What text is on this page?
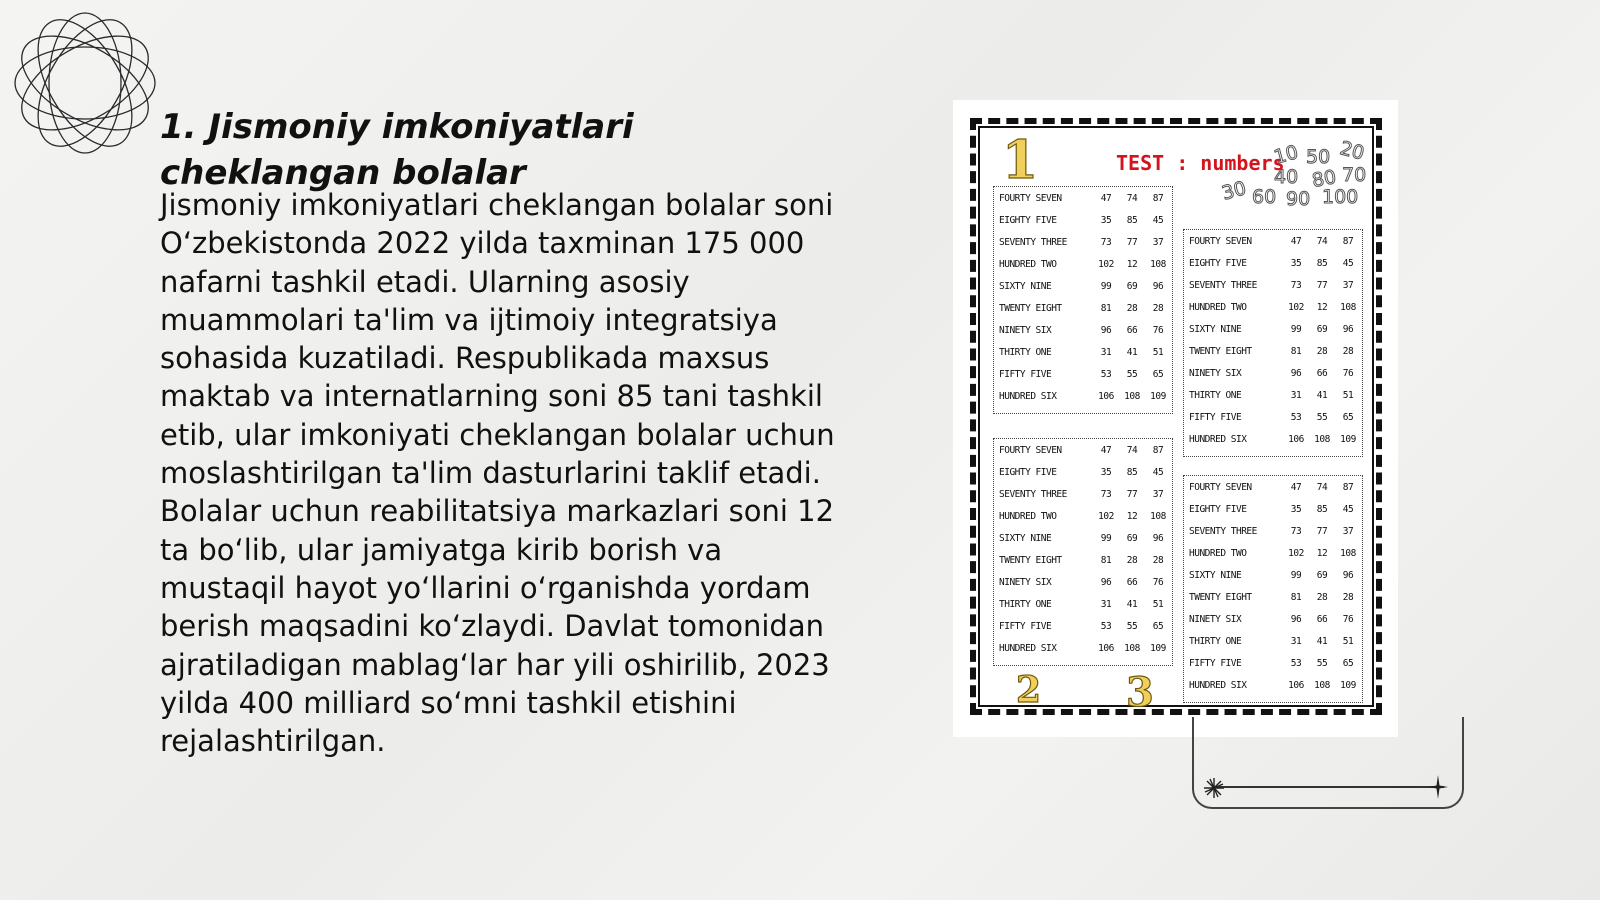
1. Jismoniy imkoniyatlari cheklangan bolalar

Jismoniy imkoniyatlari cheklangan bolalar soni O‘zbekistonda 2022 yilda taxminan 175 000 nafarni tashkil etadi. Ularning asosiy muammolari ta'lim va ijtimoiy integratsiya sohasida kuzatiladi. Respublikada maxsus maktab va internatlarning soni 85 tani tashkil etib, ular imkoniyati cheklangan bolalar uchun moslashtirilgan ta'lim dasturlarini taklif etadi. Bolalar uchun reabilitatsiya markazlari soni 12 ta bo‘lib, ular jamiyatga kirib borish va mustaqil hayot yo‘llarini o‘rganishda yordam berish maqsadini ko‘zlaydi. Davlat tomonidan ajratiladigan mablag‘lar har yili oshirilib, 2023 yilda 400 milliard so‘mni tashkil etishini rejalashtirilgan.

1
2 3
TEST : numbers
10 50 20
40 80 70
30 60 90 100
FOURTY SEVEN	47	74	87
EIGHTY FIVE	35	85	45
SEVENTY THREE	73	77	37
HUNDRED TWO	102	12	108
SIXTY NINE	99	69	96
TWENTY EIGHT	81	28	28
NINETY SIX	96	66	76
THIRTY ONE	31	41	51
FIFTY FIVE	53	55	65
HUNDRED SIX	106	108	109
FOURTY SEVEN	47	74	87
EIGHTY FIVE	35	85	45
SEVENTY THREE	73	77	37
HUNDRED TWO	102	12	108
SIXTY NINE	99	69	96
TWENTY EIGHT	81	28	28
NINETY SIX	96	66	76
THIRTY ONE	31	41	51
FIFTY FIVE	53	55	65
HUNDRED SIX	106	108	109
FOURTY SEVEN	47	74	87
EIGHTY FIVE	35	85	45
SEVENTY THREE	73	77	37
HUNDRED TWO	102	12	108
SIXTY NINE	99	69	96
TWENTY EIGHT	81	28	28
NINETY SIX	96	66	76
THIRTY ONE	31	41	51
FIFTY FIVE	53	55	65
HUNDRED SIX	106	108	109
FOURTY SEVEN	47	74	87
EIGHTY FIVE	35	85	45
SEVENTY THREE	73	77	37
HUNDRED TWO	102	12	108
SIXTY NINE	99	69	96
TWENTY EIGHT	81	28	28
NINETY SIX	96	66	76
THIRTY ONE	31	41	51
FIFTY FIVE	53	55	65
HUNDRED SIX	106	108	109
